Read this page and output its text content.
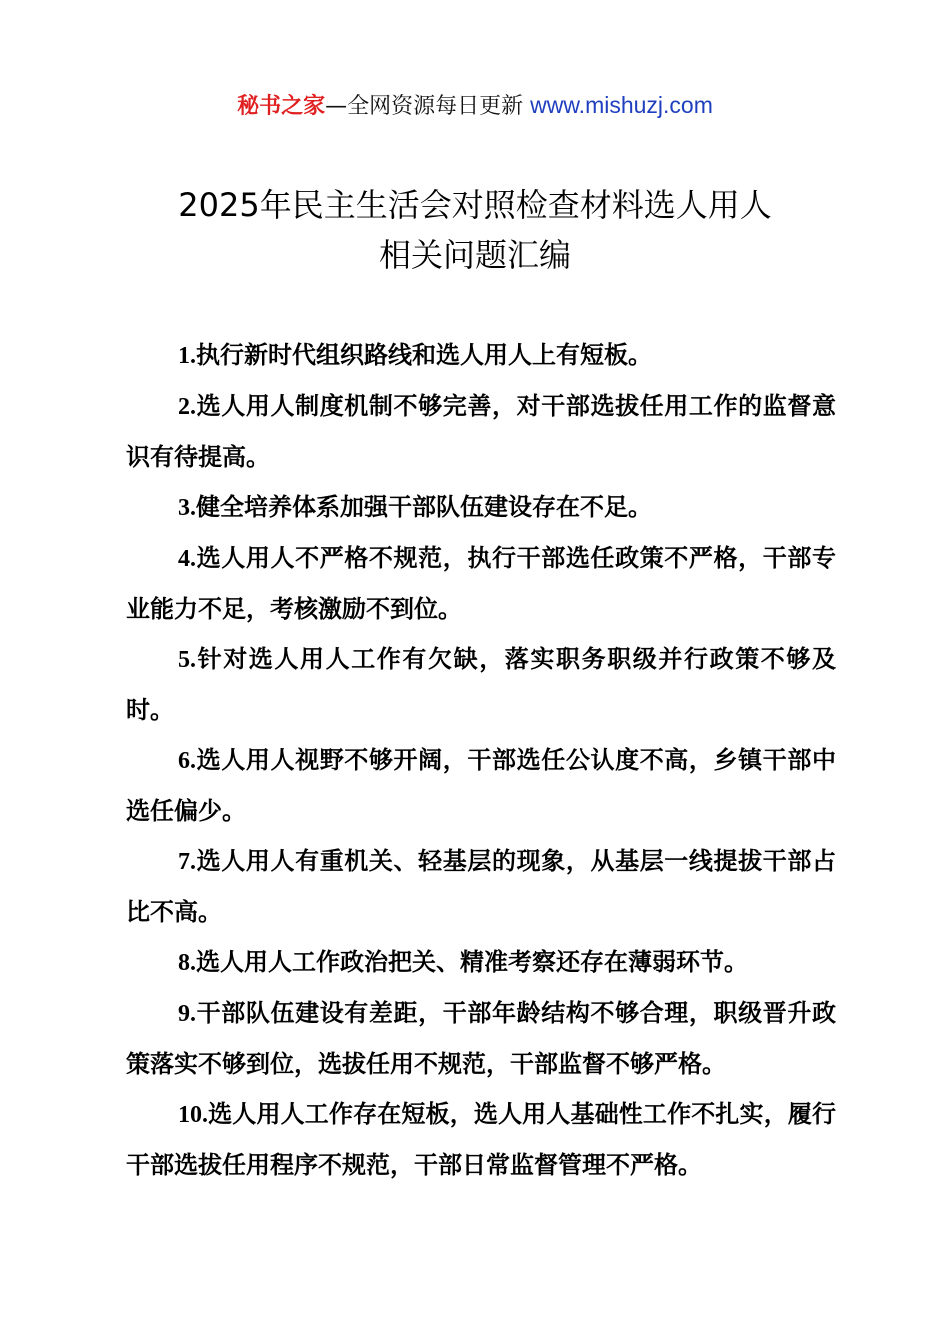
秘书之家—全网资源每日更新 www.mishuzj.com
2025年民主生活会对照检查材料选人用人
相关问题汇编
1.执行新时代组织路线和选人用人上有短板。
2.选人用人制度机制不够完善，对干部选拔任用工作的监督意识有待提高。
3.健全培养体系加强干部队伍建设存在不足。
4.选人用人不严格不规范，执行干部选任政策不严格，干部专业能力不足，考核激励不到位。
5.针对选人用人工作有欠缺，落实职务职级并行政策不够及时。
6.选人用人视野不够开阔，干部选任公认度不高，乡镇干部中选任偏少。
7.选人用人有重机关、轻基层的现象，从基层一线提拔干部占比不高。
8.选人用人工作政治把关、精准考察还存在薄弱环节。
9.干部队伍建设有差距，干部年龄结构不够合理，职级晋升政策落实不够到位，选拔任用不规范，干部监督不够严格。
10.选人用人工作存在短板，选人用人基础性工作不扎实，履行干部选拔任用程序不规范，干部日常监督管理不严格。
